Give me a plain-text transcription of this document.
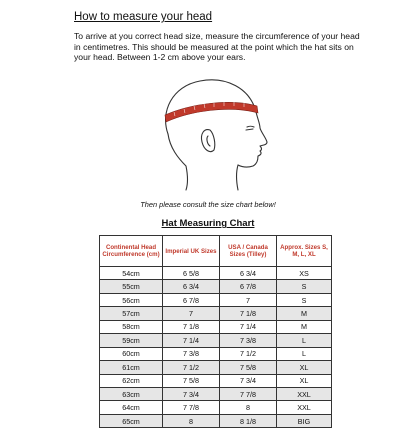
How to measure your head
To arrive at you correct head size, measure the circumference of your head in centimetres. This should be measured at the point which the hat sits on your head. Between 1-2 cm above your ears.
Then please consult the size chart below!
Hat Measuring Chart
Continental Head Circumference (cm)	Imperial UK Sizes	USA / Canada Sizes (Tilley)	Approx. Sizes S, M, L, XL
54cm	6 5/8	6 3/4	XS
55cm	6 3/4	6 7/8	S
56cm	6 7/8	7	S
57cm	7	7 1/8	M
58cm	7 1/8	7 1/4	M
59cm	7 1/4	7 3/8	L
60cm	7 3/8	7 1/2	L
61cm	7 1/2	7 5/8	XL
62cm	7 5/8	7 3/4	XL
63cm	7 3/4	7 7/8	XXL
64cm	7 7/8	8	XXL
65cm	8	8 1/8	BIG
